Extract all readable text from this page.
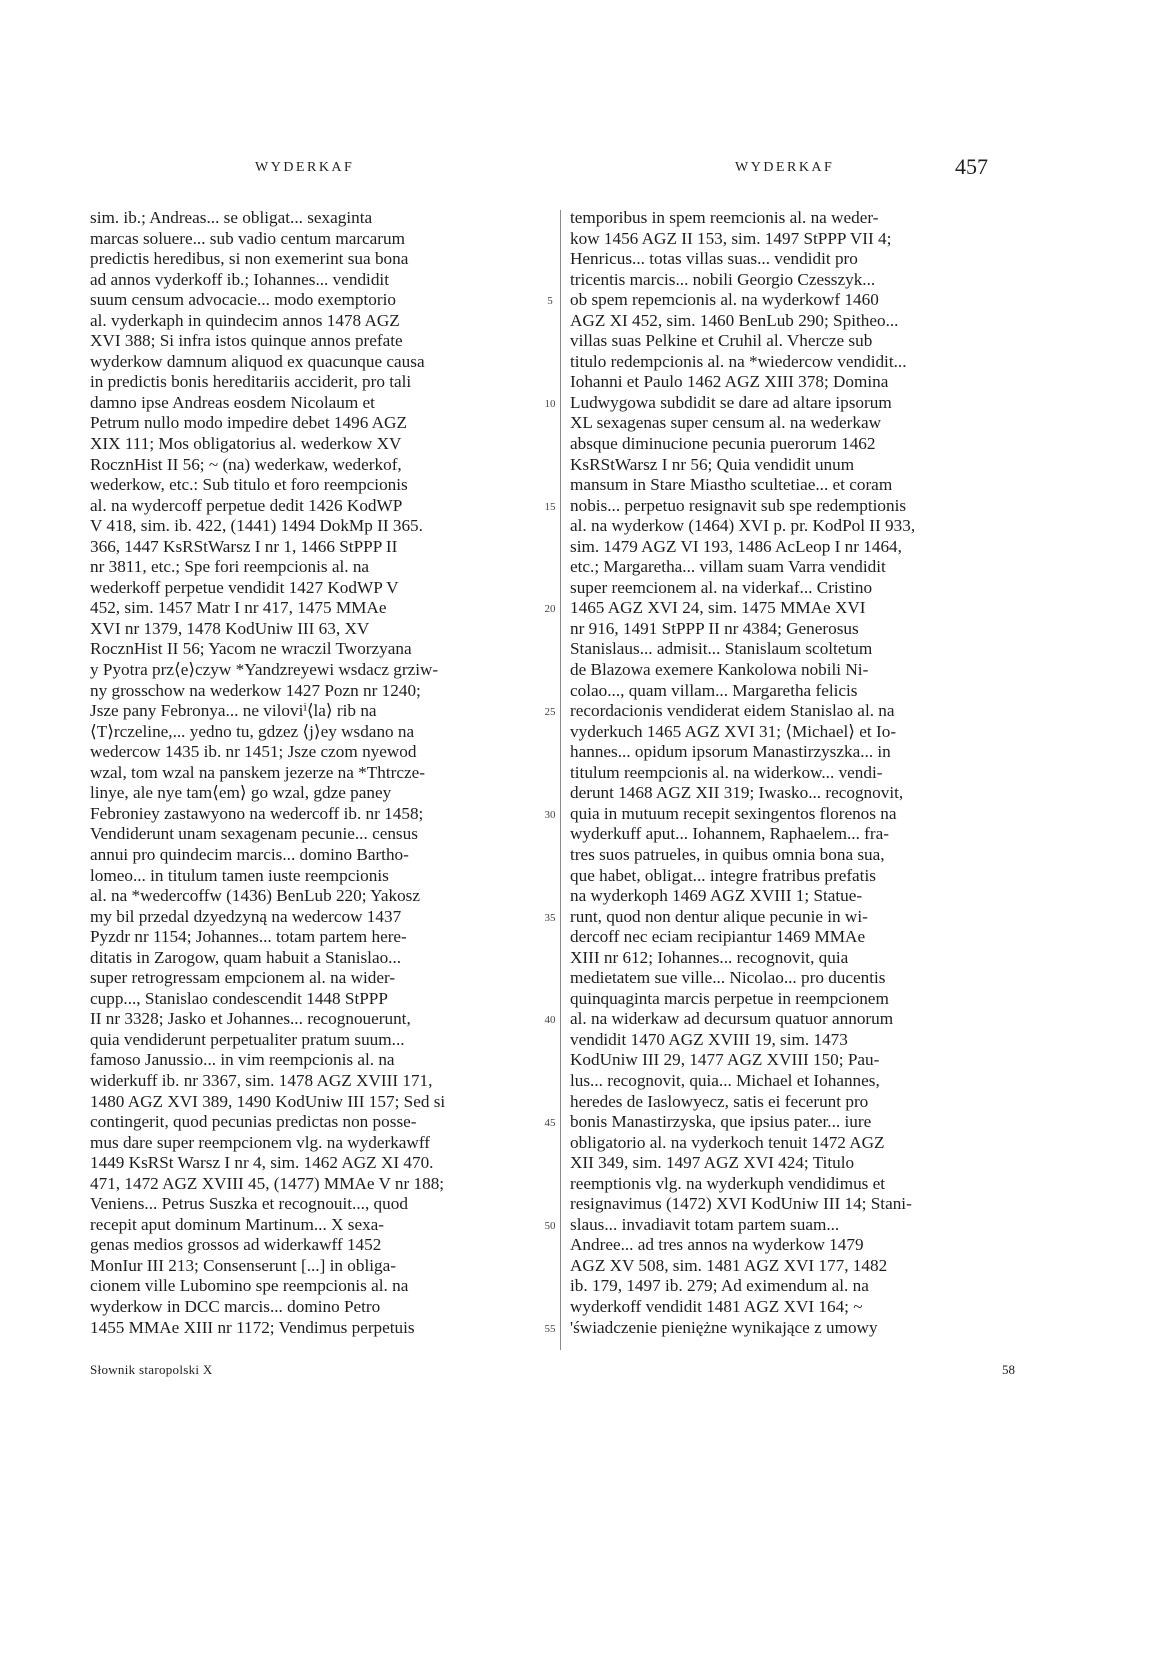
WYDERKAF	WYDERKAF	457
sim. ib.; Andreas... se obligat... sexaginta
marcas soluere... sub vadio centum marcarum
predictis heredibus, si non exemerint sua bona
ad annos vyderkoff ib.; Iohannes... vendidit
suum censum advocacie... modo exemptorio
al. vyderkaph in quindecim annos 1478 AGZ
XVI 388; Si infra istos quinque annos prefate
wyderkow damnum aliquod ex quacunque causa
in predictis bonis hereditariis acciderit, pro tali
damno ipse Andreas eosdem Nicolaum et
Petrum nullo modo impedire debet 1496 AGZ
XIX 111; Mos obligatorius al. wederkow XV
RocznHist II 56; ~ (na) wederkaw, wederkof,
wederkow, etc.: Sub titulo et foro reempcionis
al. na wydercoff perpetue dedit 1426 KodWP
V 418, sim. ib. 422, (1441) 1494 DokMp II 365.
366, 1447 KsRStWarsz I nr 1, 1466 StPPP II
nr 3811, etc.; Spe fori reempcionis al. na
wederkoff perpetue vendidit 1427 KodWP V
452, sim. 1457 Matr I nr 417, 1475 MMAe
XVI nr 1379, 1478 KodUniw III 63, XV
RocznHist II 56; Yacom ne wraczil Tworzyana
y Pyotra prz⟨e⟩czyw *Yandzreyewi wsdacz grziw-
ny grosschow na wederkow 1427 Pozn nr 1240;
Jsze pany Febronya... ne viloviⁱ⟨la⟩ rib na
⟨T⟩rczeline,... yedno tu, gdzez ⟨j⟩ey wsdano na
wedercow 1435 ib. nr 1451; Jsze czom nyewod
wzal, tom wzal na panskem jezerze na *Thtrcze-
linye, ale nye tam⟨em⟩ go wzal, gdze paney
Febroniey zastawyono na wedercoff ib. nr 1458;
Vendiderunt unam sexagenam pecunie... census
annui pro quindecim marcis... domino Bartho-
lomeo... in titulum tamen iuste reempcionis
al. na *wedercoffw (1436) BenLub 220; Yakosz
my bil przedal dzyedzyną na wedercow 1437
Pyzdr nr 1154; Johannes... totam partem here-
ditatis in Zarogow, quam habuit a Stanislao...
super retrogressam empcionem al. na wider-
cupp..., Stanislao condescendit 1448 StPPP
II nr 3328; Jasko et Johannes... recognouerunt,
quia vendiderunt perpetualiter pratum suum...
famoso Janussio... in vim reempcionis al. na
widerkuff ib. nr 3367, sim. 1478 AGZ XVIII 171,
1480 AGZ XVI 389, 1490 KodUniw III 157; Sed si
contingerit, quod pecunias predictas non posse-
mus dare super reempcionem vlg. na wyderkawff
1449 KsRSt Warsz I nr 4, sim. 1462 AGZ XI 470.
471, 1472 AGZ XVIII 45, (1477) MMAe V nr 188;
Veniens... Petrus Suszka et recognouit..., quod
recepit aput dominum Martinum... X sexa-
genas medios grossos ad widerkawff 1452
MonIur III 213; Consenserunt [...] in obliga-
cionem ville Lubomino spe reempcionis al. na
wyderkow in DCC marcis... domino Petro
1455 MMAe XIII nr 1172; Vendimus perpetuis
temporibus in spem reemcionis al. na weder-
kow 1456 AGZ II 153, sim. 1497 StPPP VII 4;
Henricus... totas villas suas... vendidit pro
tricentis marcis... nobili Georgio Czesszyk...
ob spem repemcionis al. na wyderkowf 1460
AGZ XI 452, sim. 1460 BenLub 290; Spitheo...
villas suas Pelkine et Cruhil al. Vhercze sub
titulo redempcionis al. na *wiedercow vendidit...
Iohanni et Paulo 1462 AGZ XIII 378; Domina
Ludwygowa subdidit se dare ad altare ipsorum
XL sexagenas super censum al. na wederkaw
absque diminucione pecunia puerorum 1462
KsRStWarsz I nr 56; Quia vendidit unum
mansum in Stare Miastho scultetiae... et coram
nobis... perpetuo resignavit sub spe redemptionis
al. na wyderkow (1464) XVI p. pr. KodPol II 933,
sim. 1479 AGZ VI 193, 1486 AcLeop I nr 1464,
etc.; Margaretha... villam suam Varra vendidit
super reemcionem al. na viderkaf... Cristino
1465 AGZ XVI 24, sim. 1475 MMAe XVI
nr 916, 1491 StPPP II nr 4384; Generosus
Stanislaus... admisit... Stanislaum scoltetum
de Blazowa exemere Kankolowa nobili Ni-
colao..., quam villam... Margaretha felicis
recordacionis vendiderat eidem Stanislao al. na
vyderkuch 1465 AGZ XVI 31; ⟨Michael⟩ et Io-
hannes... opidum ipsorum Manastirzyszka... in
titulum reempcionis al. na widerkow... vendi-
derunt 1468 AGZ XII 319; Iwasko... recognovit,
quia in mutuum recepit sexingentos florenos na
wyderkuff aput... Iohannem, Raphaelem... fra-
tres suos patrueles, in quibus omnia bona sua,
que habet, obligat... integre fratribus prefatis
na wyderkoph 1469 AGZ XVIII 1; Statue-
runt, quod non dentur alique pecunie in wi-
dercoff nec eciam recipiantur 1469 MMAe
XIII nr 612; Iohannes... recognovit, quia
medietatem sue ville... Nicolao... pro ducentis
quinquaginta marcis perpetue in reempcionem
al. na widerkaw ad decursum quatuor annorum
vendidit 1470 AGZ XVIII 19, sim. 1473
KodUniw III 29, 1477 AGZ XVIII 150; Pau-
lus... recognovit, quia... Michael et Iohannes,
heredes de Iaslowyecz, satis ei fecerunt pro
bonis Manastirzyska, que ipsius pater... iure
obligatorio al. na vyderkoch tenuit 1472 AGZ
XII 349, sim. 1497 AGZ XVI 424; Titulo
reemptionis vlg. na wyderkuph vendidimus et
resignavimus (1472) XVI KodUniw III 14; Stani-
slaus... invadiavit totam partem suam...
Andree... ad tres annos na wyderkow 1479
AGZ XV 508, sim. 1481 AGZ XVI 177, 1482
ib. 179, 1497 ib. 279; Ad eximendum al. na
wyderkoff vendidit 1481 AGZ XVI 164; ~
'świadczenie pieniężne wynikające z umowy
5
10
15
20
25
30
35
40
45
50
55
Słownik staropolski X	58
